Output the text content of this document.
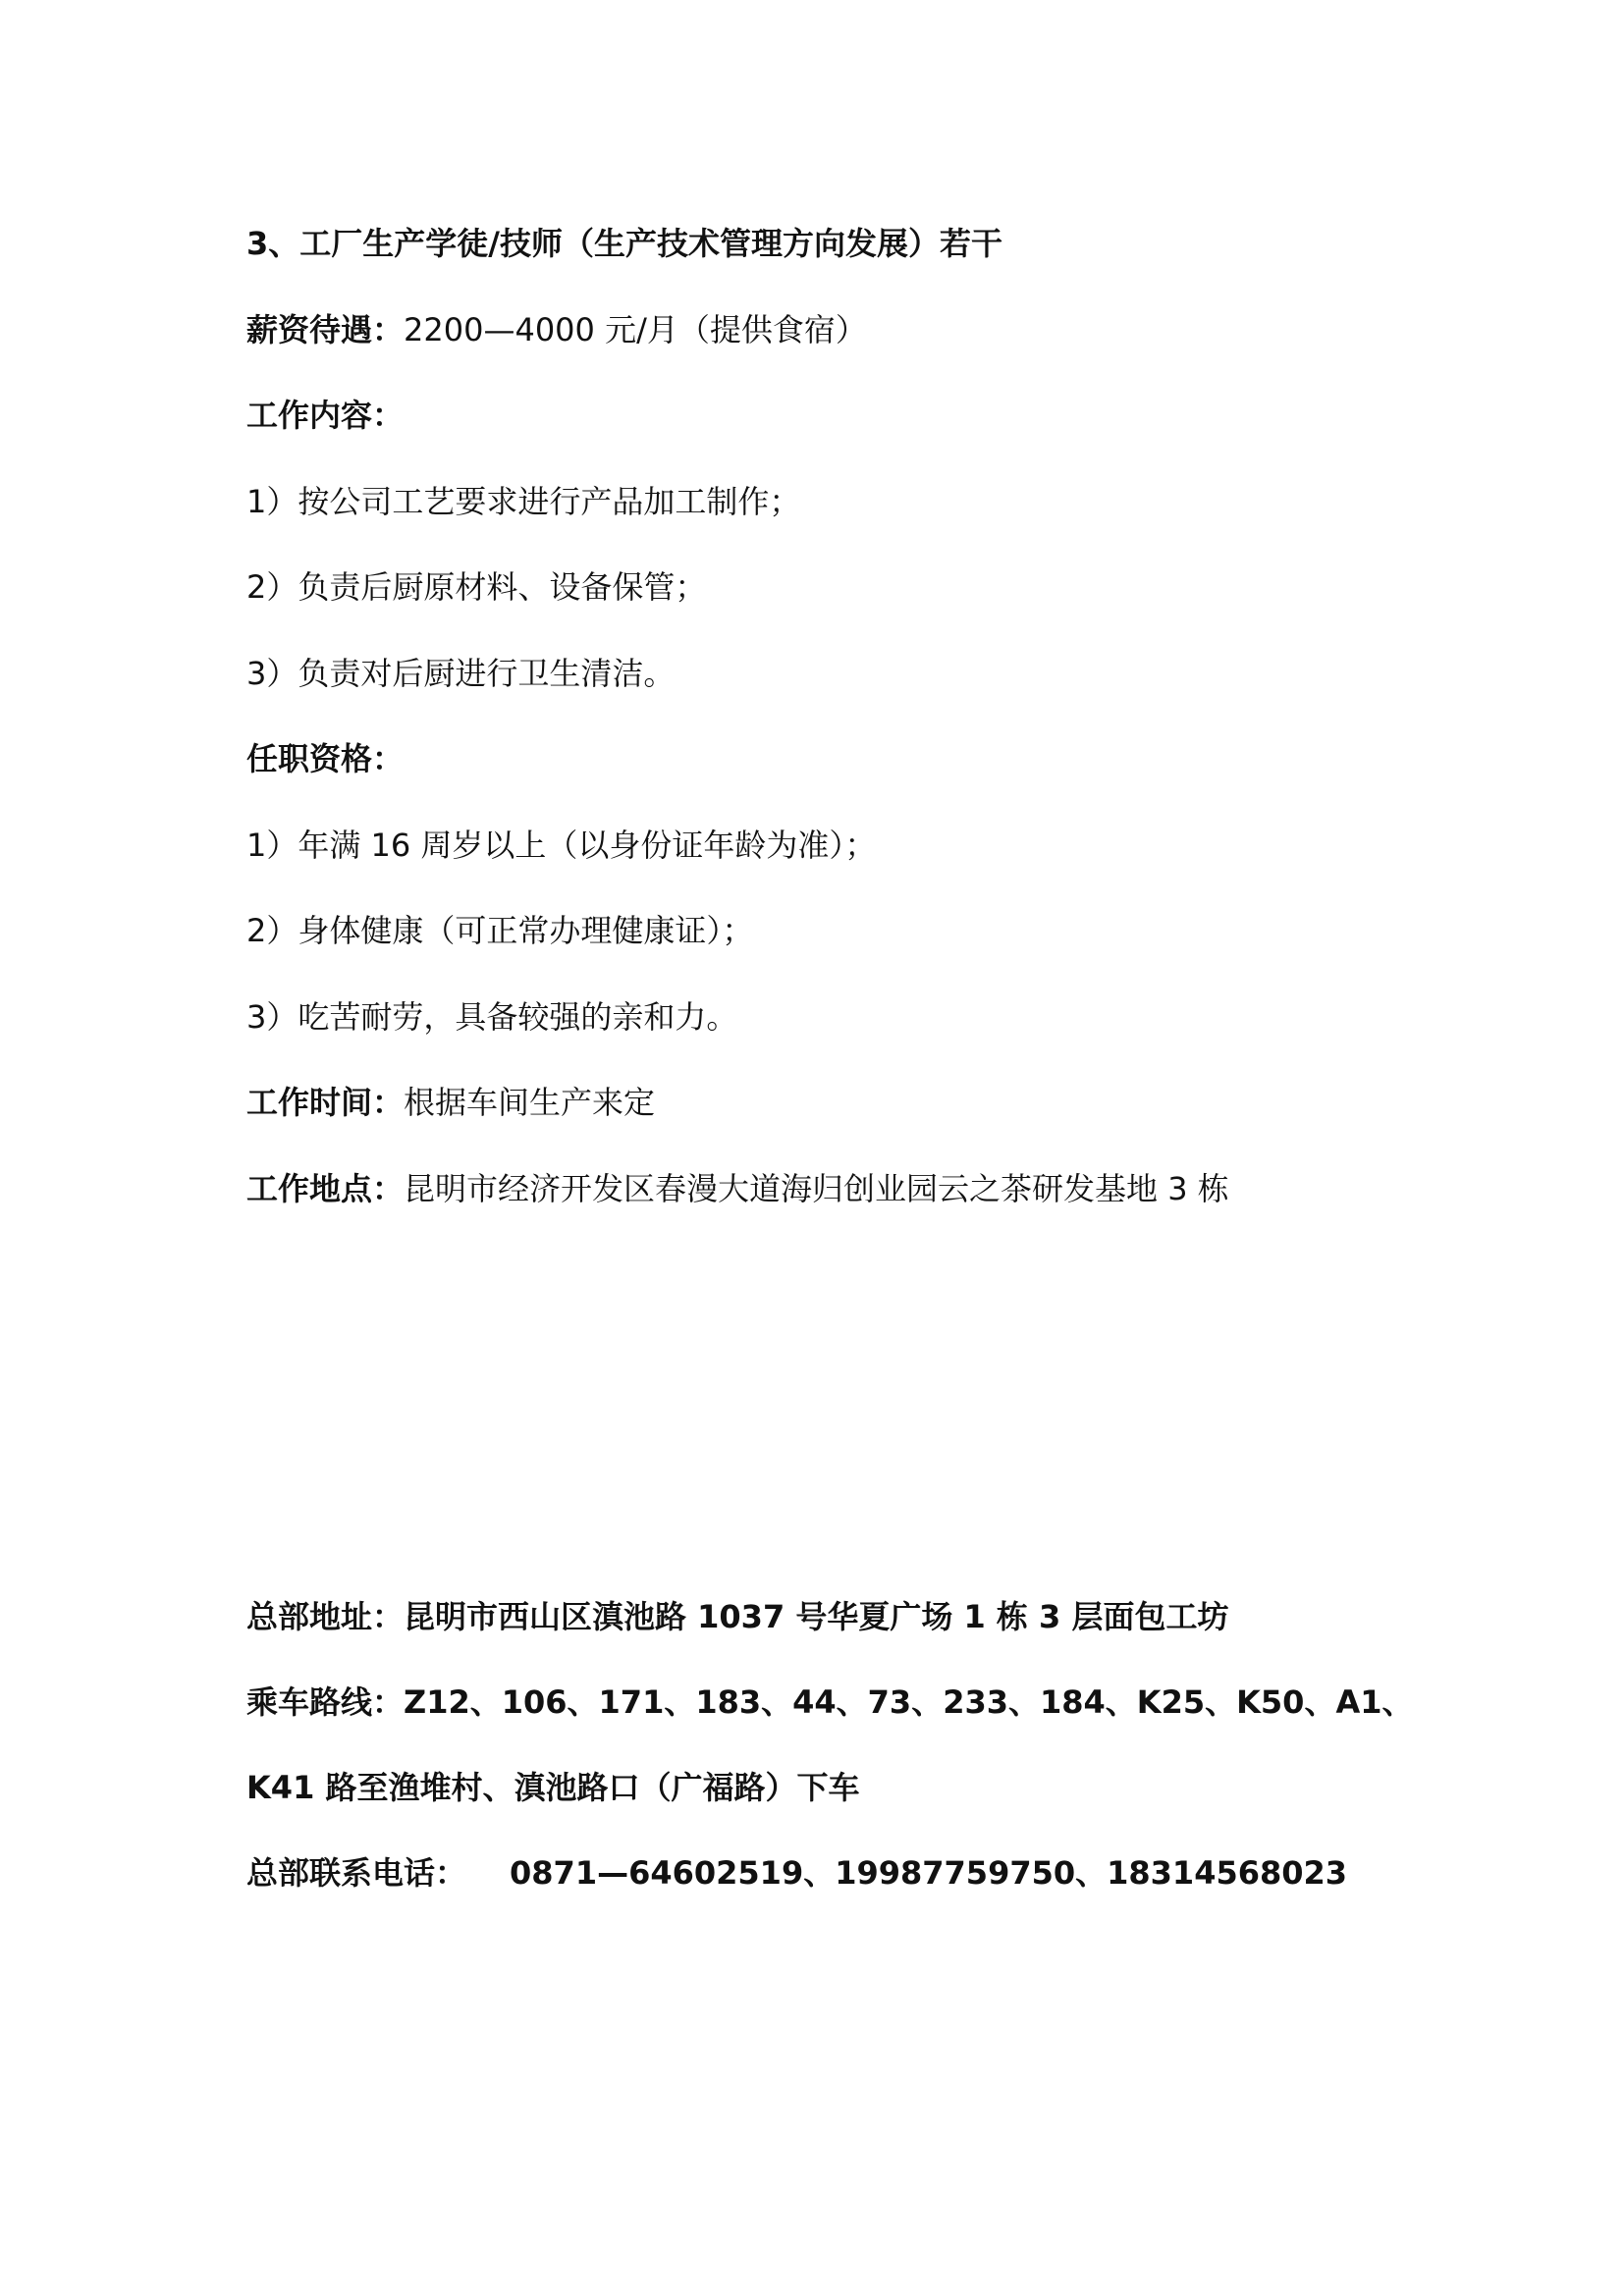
3、工厂生产学徒/技师（生产技术管理方向发展）若干
薪资待遇：2200—4000 元/月（提供食宿）
工作内容：
1）按公司工艺要求进行产品加工制作；
2）负责后厨原材料、设备保管；
3）负责对后厨进行卫生清洁。
任职资格：
1）年满 16 周岁以上（以身份证年龄为准）；
2）身体健康（可正常办理健康证）；
3）吃苦耐劳，具备较强的亲和力。
工作时间：根据车间生产来定
工作地点：昆明市经济开发区春漫大道海归创业园云之茶研发基地 3 栋
总部地址：昆明市西山区滇池路 1037 号华夏广场 1 栋 3 层面包工坊
乘车路线：Z12、106、171、183、44、73、233、184、K25、K50、A1、
K41 路至渔堆村、滇池路口（广福路）下车
总部联系电话： 0871—64602519、19987759750、18314568023
